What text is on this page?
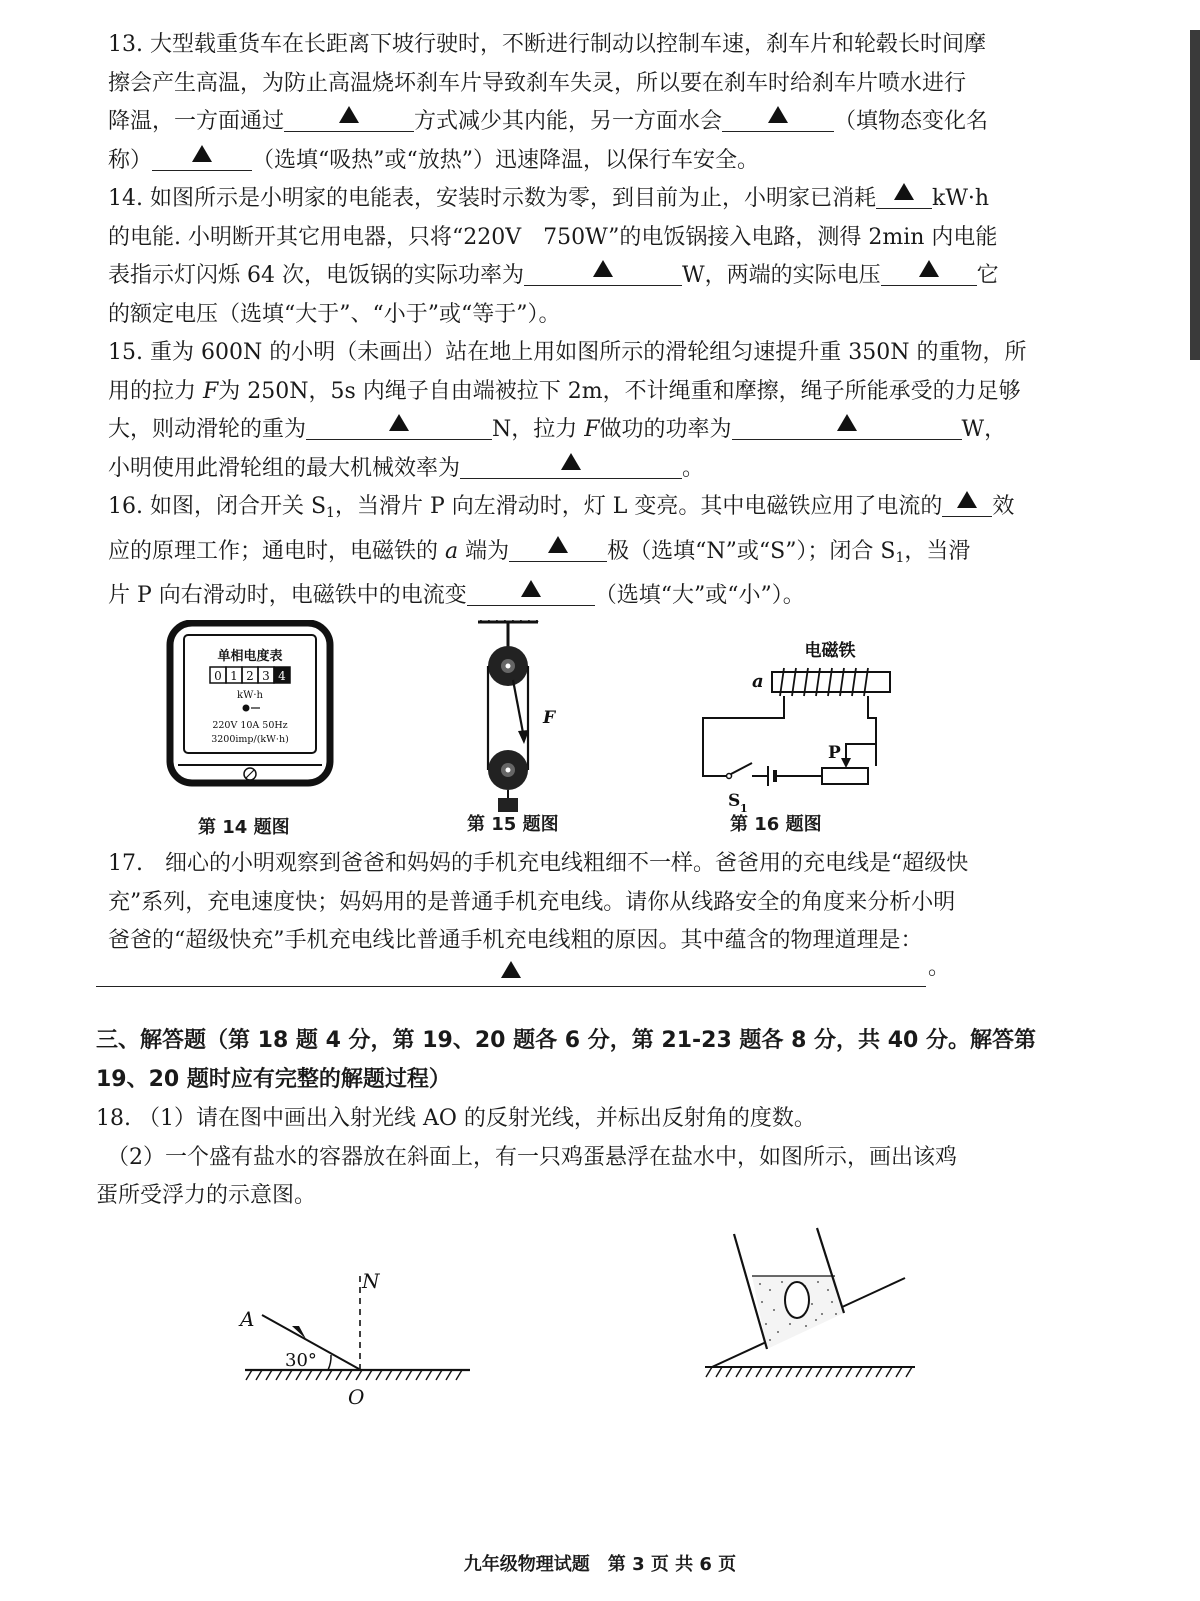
13. 大型载重货车在长距离下坡行驶时，不断进行制动以控制车速，刹车片和轮毂长时间摩

擦会产生高温，为防止高温烧坏刹车片导致刹车失灵，所以要在刹车时给刹车片喷水进行

降温，一方面通过	方式减少其内能，另一方面水会	（填物态变化名

称）	（选填“吸热”或“放热”）迅速降温，以保行车安全。

14. 如图所示是小明家的电能表，安装时示数为零，到目前为止，小明家已消耗	kW·h

的电能. 小明断开其它用电器，只将“220V　750W”的电饭锅接入电路，测得 2min 内电能

表指示灯闪烁 64 次，电饭锅的实际功率为	W，两端的实际电压	它

的额定电压（选填“大于”、“小于”或“等于”）。

15. 重为 600N 的小明（未画出）站在地上用如图所示的滑轮组匀速提升重 350N 的重物，所

用的拉力 F为 250N，5s 内绳子自由端被拉下 2m，不计绳重和摩擦，绳子所能承受的力足够

大，则动滑轮的重为	N，拉力 F做功的功率为	W，

小明使用此滑轮组的最大机械效率为	。

16. 如图，闭合开关 $S_1$，当滑片 P 向左滑动时，灯 L 变亮。其中电磁铁应用了电流的 效

应的原理工作；通电时，电磁铁的 a 端为	极（选填“N”或“S”）；闭合 $S_1$，当滑

片 P 向右滑动时，电磁铁中的电流变	（选填“大”或“小”）。

单相电度表
0 1 2 3 4
kW·h
220V 10A 50Hz
3200imp/(kW·h)
F
电磁铁
a
P
S 1
第 14 题图	第 15 题图	第 16 题图

17.　细心的小明观察到爸爸和妈妈的手机充电线粗细不一样。爸爸用的充电线是“超级快

充”系列，充电速度快；妈妈用的是普通手机充电线。请你从线路安全的角度来分析小明

爸爸的“超级快充”手机充电线比普通手机充电线粗的原因。其中蕴含的物理道理是：

。

三、解答题（第 18 题 4 分，第 19、20 题各 6 分，第 21-23 题各 8 分，共 40 分。解答第

19、20 题时应有完整的解题过程）

18. （1）请在图中画出入射光线 AO 的反射光线，并标出反射角的度数。

　（2）一个盛有盐水的容器放在斜面上，有一只鸡蛋悬浮在盐水中，如图所示，画出该鸡

蛋所受浮力的示意图。

A
N
O
30°
九年级物理试题　第 3 页 共 6 页
